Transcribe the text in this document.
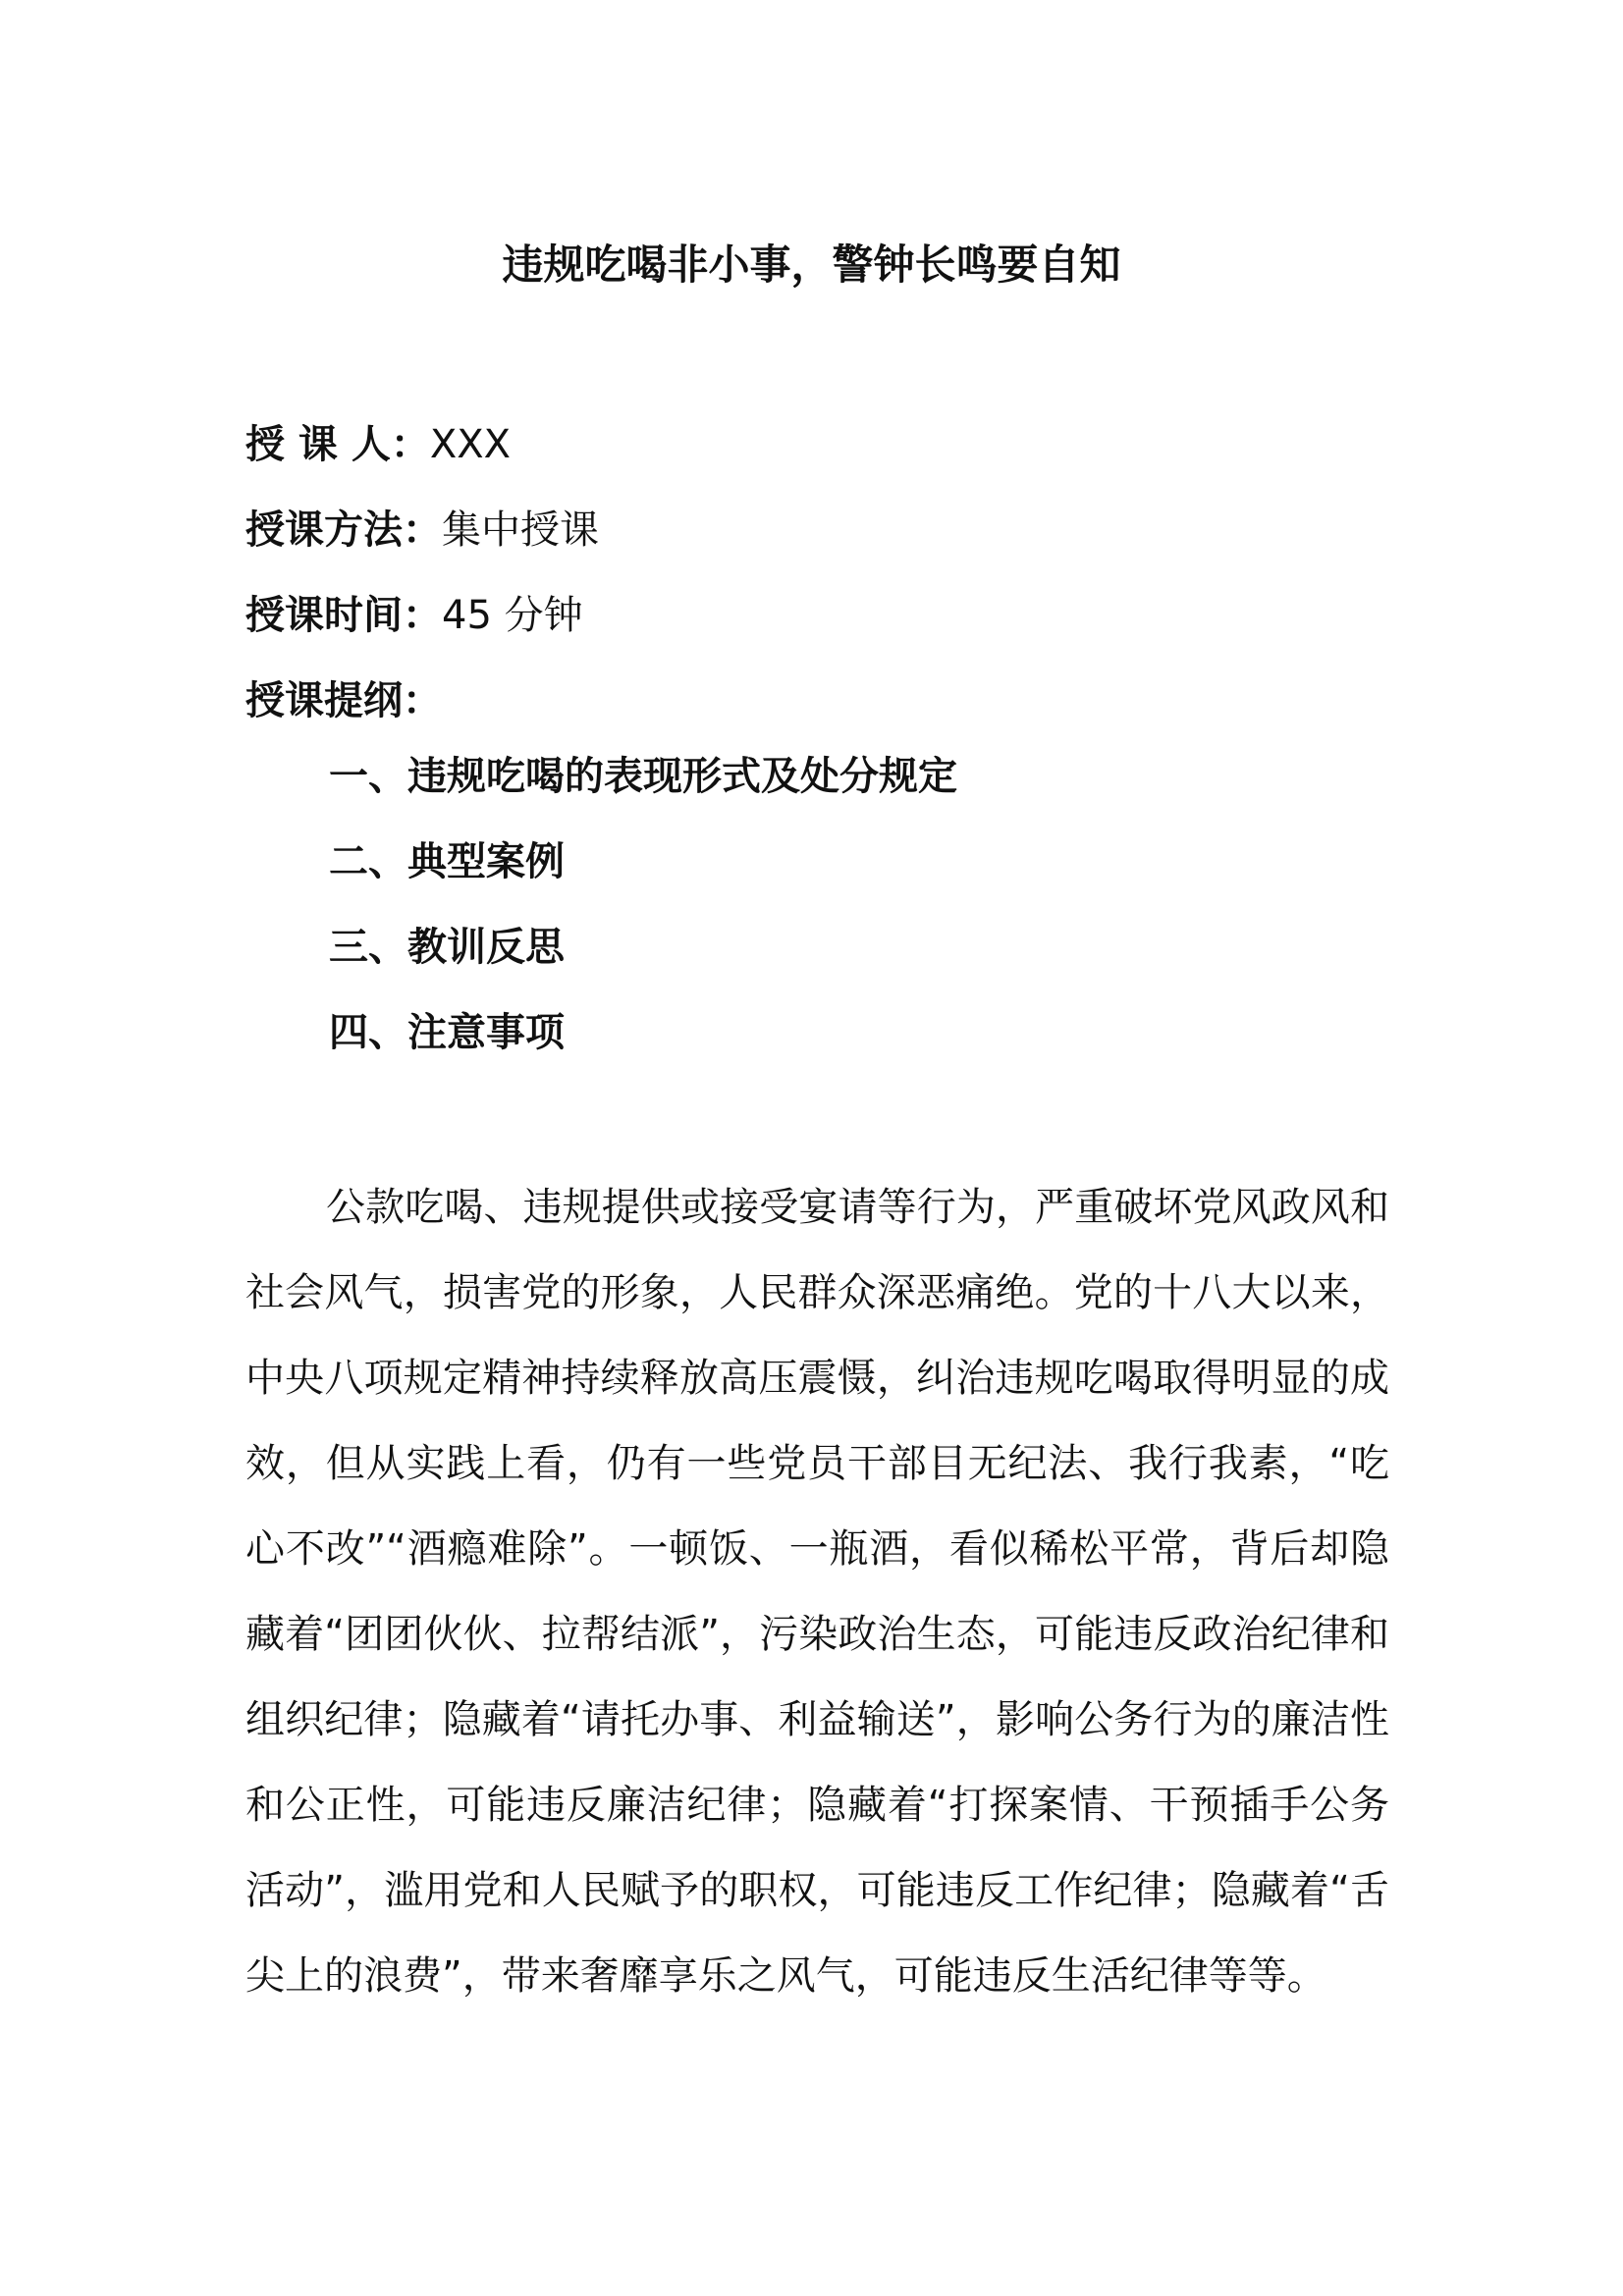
违规吃喝非小事，警钟长鸣要自知
授 课 人：XXX
授课方法：集中授课
授课时间：45 分钟
授课提纲：
一、违规吃喝的表现形式及处分规定
二、典型案例
三、教训反思
四、注意事项

公款吃喝、违规提供或接受宴请等行为，严重破坏党风政风和社会风气，损害党的形象，人民群众深恶痛绝。党的十八大以来，中央八项规定精神持续释放高压震慑，纠治违规吃喝取得明显的成效，但从实践上看，仍有一些党员干部目无纪法、我行我素，“吃心不改”“酒瘾难除”。一顿饭、一瓶酒，看似稀松平常，背后却隐藏着“团团伙伙、拉帮结派”，污染政治生态，可能违反政治纪律和组织纪律；隐藏着“请托办事、利益输送”，影响公务行为的廉洁性和公正性，可能违反廉洁纪律；隐藏着“打探案情、干预插手公务活动”，滥用党和人民赋予的职权，可能违反工作纪律；隐藏着“舌尖上的浪费”，带来奢靡享乐之风气，可能违反生活纪律等等。
